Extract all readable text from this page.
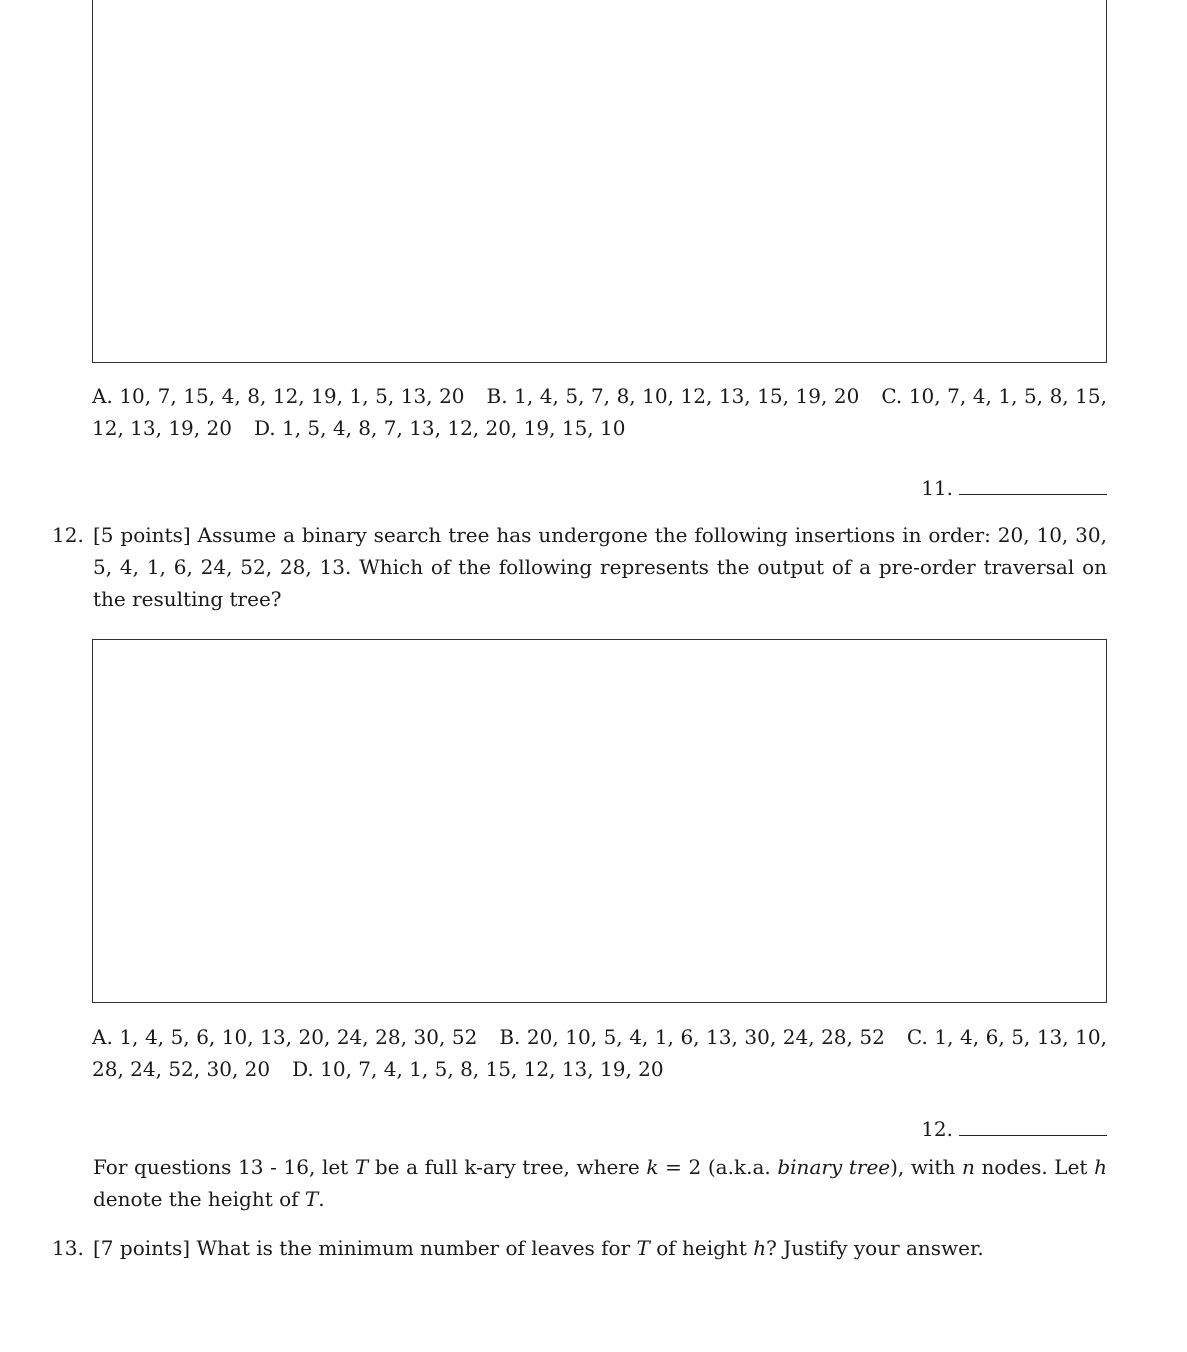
A. 10, 7, 15, 4, 8, 12, 19, 1, 5, 13, 20 B. 1, 4, 5, 7, 8, 10, 12, 13, 15, 19, 20 C. 10, 7, 4, 1, 5, 8, 15, 12, 13, 19, 20 D. 1, 5, 4, 8, 7, 13, 12, 20, 19, 15, 10
11.
12. [5 points] Assume a binary search tree has undergone the following insertions in order: 20, 10, 30, 5, 4, 1, 6, 24, 52, 28, 13. Which of the following represents the output of a pre-order traversal on the resulting tree?
A. 1, 4, 5, 6, 10, 13, 20, 24, 28, 30, 52 B. 20, 10, 5, 4, 1, 6, 13, 30, 24, 28, 52 C. 1, 4, 6, 5, 13, 10, 28, 24, 52, 30, 20 D. 10, 7, 4, 1, 5, 8, 15, 12, 13, 19, 20
12.
For questions 13 - 16, let T be a full k-ary tree, where k = 2 (a.k.a. binary tree), with n nodes. Let h denote the height of T.
13. [7 points] What is the minimum number of leaves for T of height h? Justify your answer.
